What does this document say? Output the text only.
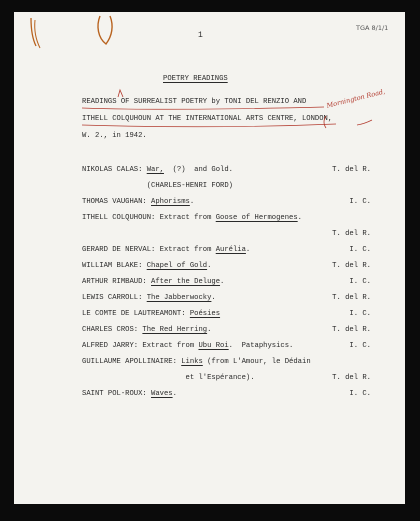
TGA 8/1/1
1
POETRY READINGS
READINGS OF SURREALIST POETRY by TONI DEL RENZIO AND
ITHELL COLQUHOUN AT THE INTERNATIONAL ARTS CENTRE, LONDON,
W. 2., in 1942.
Mornington Road,
NIKOLAS CALAS: War,  (?)  and Gold.	T. del R.
(CHARLES-HENRI FORD)
THOMAS VAUGHAN: Aphorisms.	I. C.
ITHELL COLQUHOUN: Extract from Goose of Hermogenes.
T. del R.
GERARD DE NERVAL: Extract from Aurélia.	I. C.
WILLIAM BLAKE: Chapel of Gold.	T. del R.
ARTHUR RIMBAUD: After the Deluge.	I. C.
LEWIS CARROLL: The Jabberwocky.	T. del R.
LE COMTE DE LAUTREAMONT: Poésies	I. C.
CHARLES CROS: The Red Herring.	T. del R.
ALFRED JARRY: Extract from Ubu Roi.  Pataphysics.	I. C.
GUILLAUME APOLLINAIRE: Links (from L'Amour, le Dédain
et l'Espérance).	T. del R.
SAINT POL-ROUX: Waves.	I. C.
